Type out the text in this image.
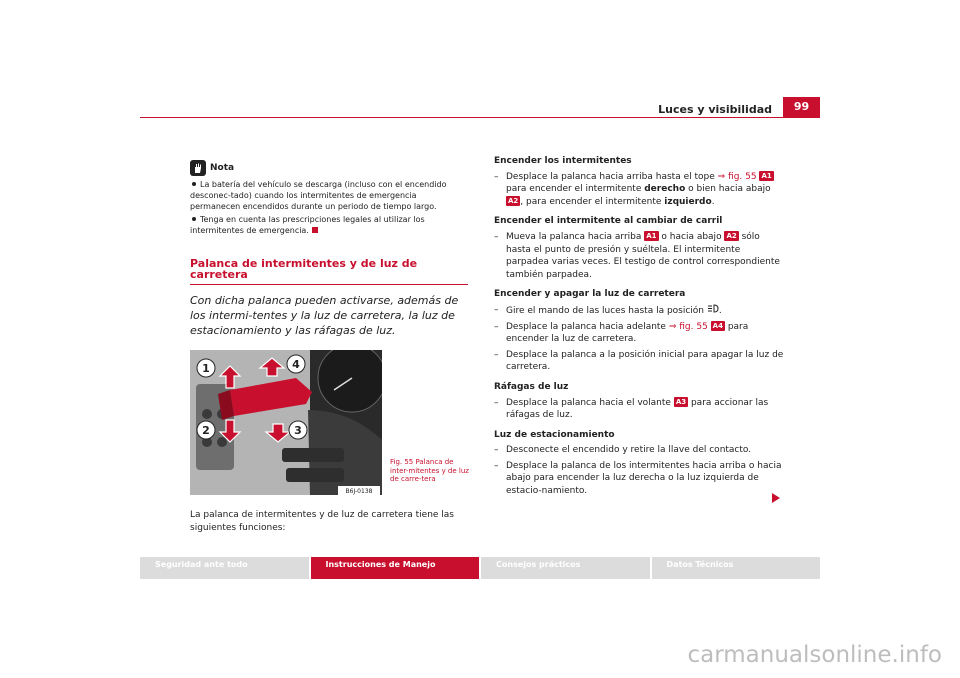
Luces y visibilidad	99
Nota
La batería del vehículo se descarga (incluso con el encendido desconec-tado) cuando los intermitentes de emergencia permanecen encendidos durante un periodo de tiempo largo.
Tenga en cuenta las prescripciones legales al utilizar los intermitentes de emergencia.
Palanca de intermitentes y de luz de carretera
Con dicha palanca pueden activarse, además de los intermi-tentes y la luz de carretera, la luz de estacionamiento y las ráfagas de luz.
1
2	3
4
B6J-0138
Fig. 55 Palanca de inter-mitentes y de luz de carre-tera
La palanca de intermitentes y de luz de carretera tiene las siguientes funciones:
Encender los intermitentes
– Desplace la palanca hacia arriba hasta el tope ⇒ fig. 55 A1 para encender el intermitente derecho o bien hacia abajo A2 , para encender el intermitente izquierdo.
Encender el intermitente al cambiar de carril
– Mueva la palanca hacia arriba A1 o hacia abajo A2 sólo hasta el punto de presión y suéltela. El intermitente parpadea varias veces. El testigo de control correspondiente también parpadea.
Encender y apagar la luz de carretera
– Gire el mando de las luces hasta la posición .
– Desplace la palanca hacia adelante ⇒ fig. 55 A4 para encender la luz de carretera.
– Desplace la palanca a la posición inicial para apagar la luz de carretera.
Ráfagas de luz
– Desplace la palanca hacia el volante A3 para accionar las ráfagas de luz.
Luz de estacionamiento
– Desconecte el encendido y retire la llave del contacto.
– Desplace la palanca de los intermitentes hacia arriba o hacia abajo para encender la luz derecha o la luz izquierda de estacio-namiento.
Seguridad ante todo	Instrucciones de Manejo	Consejos prácticos	Datos Técnicos
carmanualsonline.info
